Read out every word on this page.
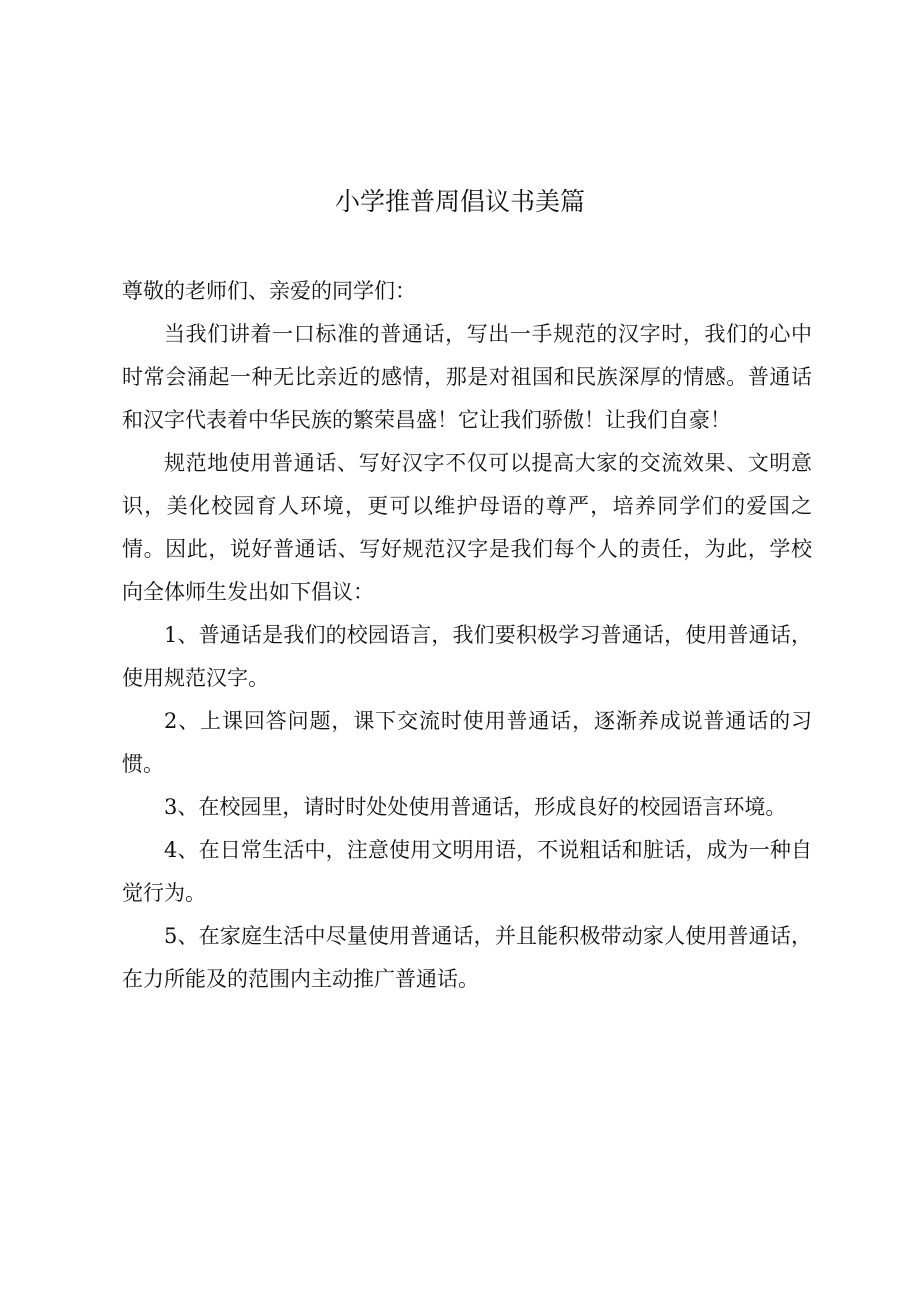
小学推普周倡议书美篇

尊敬的老师们、亲爱的同学们：

当我们讲着一口标准的普通话，写出一手规范的汉字时，我们的心中时常会涌起一种无比亲近的感情，那是对祖国和民族深厚的情感。普通话和汉字代表着中华民族的繁荣昌盛！它让我们骄傲！让我们自豪！

规范地使用普通话、写好汉字不仅可以提高大家的交流效果、文明意识，美化校园育人环境，更可以维护母语的尊严，培养同学们的爱国之情。因此，说好普通话、写好规范汉字是我们每个人的责任，为此，学校向全体师生发出如下倡议：

1、普通话是我们的校园语言，我们要积极学习普通话，使用普通话，使用规范汉字。

2、上课回答问题，课下交流时使用普通话，逐渐养成说普通话的习惯。

3、在校园里，请时时处处使用普通话，形成良好的校园语言环境。

4、在日常生活中，注意使用文明用语，不说粗话和脏话，成为一种自觉行为。

5、在家庭生活中尽量使用普通话，并且能积极带动家人使用普通话，在力所能及的范围内主动推广普通话。
